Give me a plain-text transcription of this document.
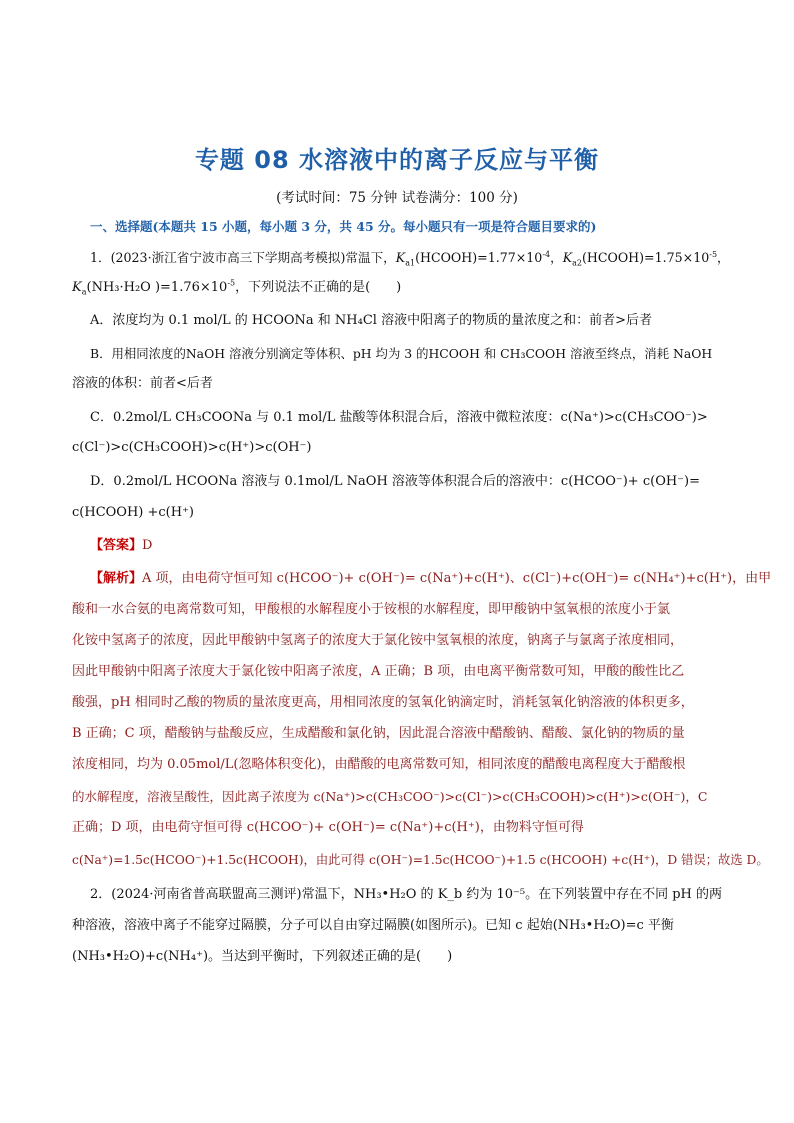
专题 08 水溶液中的离子反应与平衡
(考试时间：75 分钟 试卷满分：100 分)
一、选择题(本题共 15 小题，每小题 3 分，共 45 分。每小题只有一项是符合题目要求的)
1．(2023·浙江省宁波市高三下学期高考模拟)常温下，$K_{a1}(HCOOH)=1.77\times 10^{-4}$，$K_{a2}(HCOOH)=1.75\times 10^{-5}$，
$K_a(NH_3\cdot H_2O$ )$=1.76\times 10^{-5}$，下列说法不正确的是(　　)
A．浓度均为 0.1 mol/L 的 HCOONa 和 NH₄Cl 溶液中阳离子的物质的量浓度之和：前者>后者
B．用相同浓度的NaOH 溶液分别滴定等体积、pH 均为 3 的HCOOH 和 CH₃COOH 溶液至终点，消耗 NaOH
溶液的体积：前者<后者
C．0.2mol/L CH₃COONa 与 0.1 mol/L 盐酸等体积混合后，溶液中微粒浓度：c(Na⁺)>c(CH₃COO⁻)>
c(Cl⁻)>c(CH₃COOH)>c(H⁺)>c(OH⁻)
D．0.2mol/L HCOONa 溶液与 0.1mol/L NaOH 溶液等体积混合后的溶液中：c(HCOO⁻)+ c(OH⁻)=
c(HCOOH) +c(H⁺)
【答案】D
【解析】A 项，由电荷守恒可知 c(HCOO⁻)+ c(OH⁻)= c(Na⁺)+c(H⁺)、c(Cl⁻)+c(OH⁻)= c(NH₄⁺)+c(H⁺)，由甲
酸和一水合氨的电离常数可知，甲酸根的水解程度小于铵根的水解程度，即甲酸钠中氢氧根的浓度小于氯
化铵中氢离子的浓度，因此甲酸钠中氢离子的浓度大于氯化铵中氢氧根的浓度，钠离子与氯离子浓度相同，
因此甲酸钠中阳离子浓度大于氯化铵中阳离子浓度，A 正确；B 项，由电离平衡常数可知，甲酸的酸性比乙
酸强，pH 相同时乙酸的物质的量浓度更高，用相同浓度的氢氧化钠滴定时，消耗氢氧化钠溶液的体积更多，
B 正确；C 项，醋酸钠与盐酸反应，生成醋酸和氯化钠，因此混合溶液中醋酸钠、醋酸、氯化钠的物质的量
浓度相同，均为 0.05mol/L(忽略体积变化)，由醋酸的电离常数可知，相同浓度的醋酸电离程度大于醋酸根
的水解程度，溶液呈酸性，因此离子浓度为 c(Na⁺)>c(CH₃COO⁻)>c(Cl⁻)>c(CH₃COOH)>c(H⁺)>c(OH⁻)，C
正确；D 项，由电荷守恒可得 c(HCOO⁻)+ c(OH⁻)= c(Na⁺)+c(H⁺)，由物料守恒可得
c(Na⁺)=1.5c(HCOO⁻)+1.5c(HCOOH)，由此可得 c(OH⁻)=1.5c(HCOO⁻)+1.5 c(HCOOH) +c(H⁺)，D 错误；故选 D。
2．(2024·河南省普高联盟高三测评)常温下，NH₃•H₂O 的 K_b 约为 10⁻⁵。在下列装置中存在不同 pH 的两
种溶液，溶液中离子不能穿过隔膜，分子可以自由穿过隔膜(如图所示)。已知 c 起始(NH₃•H₂O)=c 平衡
(NH₃•H₂O)+c(NH₄⁺)。当达到平衡时，下列叙述正确的是(　　)
